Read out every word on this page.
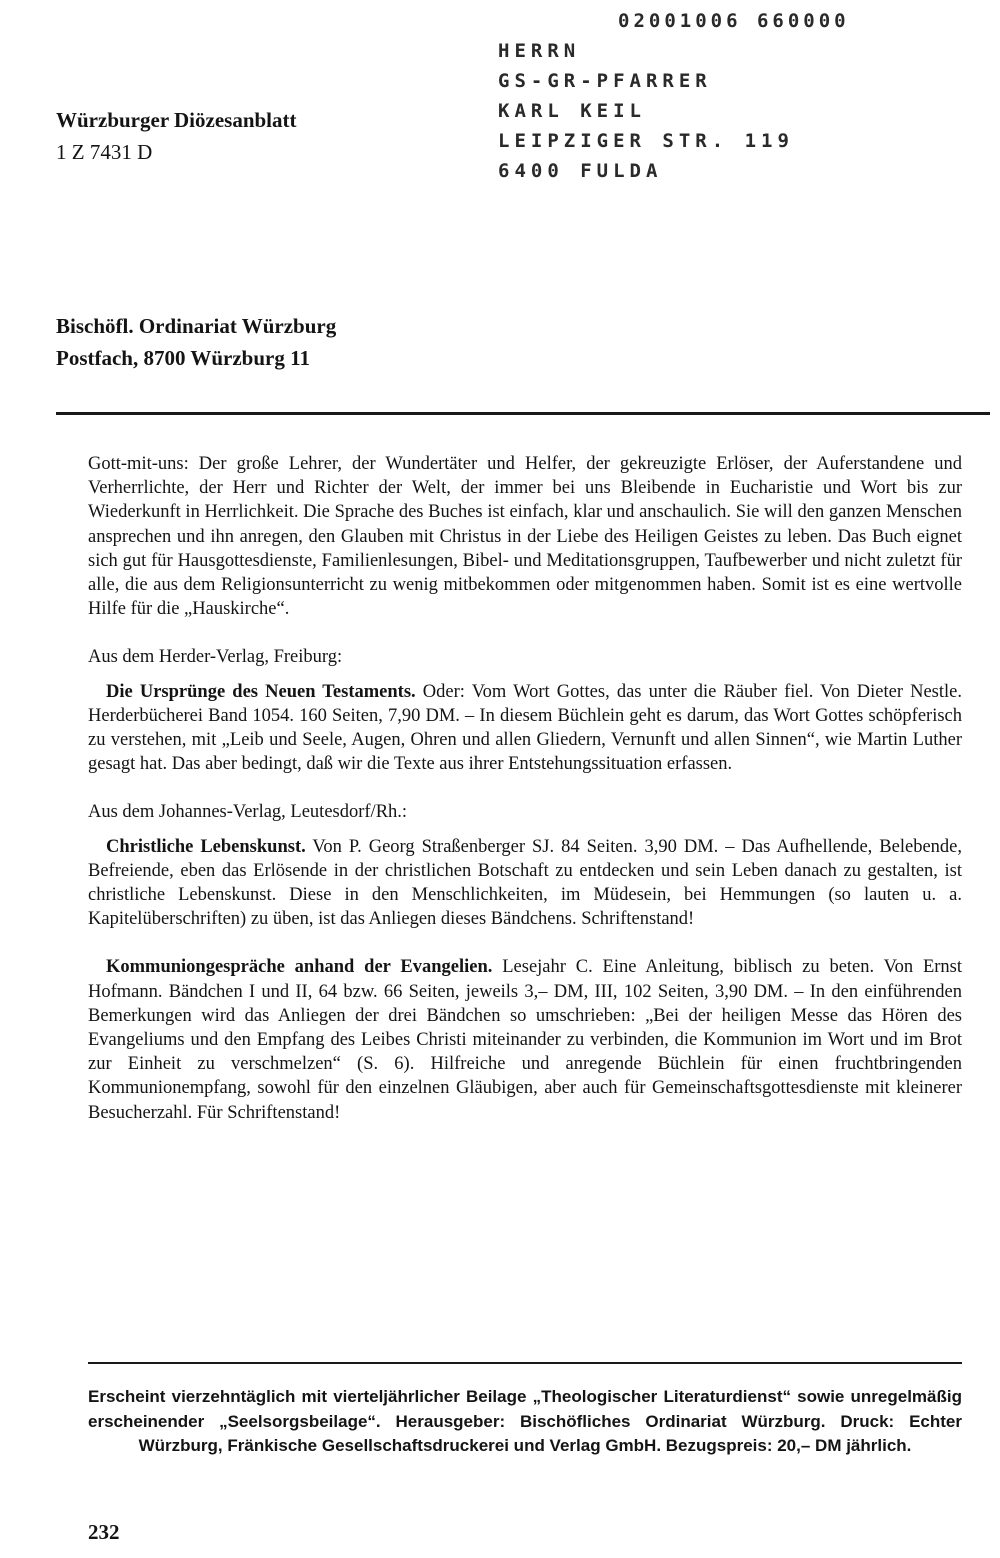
Würzburger Diözesanblatt
1 Z 7431 D
02001006 660000
HERRN
GS-GR-PFARRER
KARL KEIL
LEIPZIGER STR. 119
6400 FULDA
Bischöfl. Ordinariat Würzburg
Postfach, 8700 Würzburg 11

Gott-mit-uns: Der große Lehrer, der Wundertäter und Helfer, der gekreuzigte Erlöser, der Auferstandene und Verherrlichte, der Herr und Richter der Welt, der immer bei uns Bleibende in Eucharistie und Wort bis zur Wiederkunft in Herrlichkeit. Die Sprache des Buches ist einfach, klar und anschaulich. Sie will den ganzen Menschen ansprechen und ihn anregen, den Glauben mit Christus in der Liebe des Heiligen Geistes zu leben. Das Buch eignet sich gut für Hausgottesdienste, Familienlesungen, Bibel- und Meditationsgruppen, Taufbewerber und nicht zuletzt für alle, die aus dem Religionsunterricht zu wenig mitbekommen oder mitgenommen haben. Somit ist es eine wertvolle Hilfe für die „Hauskirche“.

Aus dem Herder-Verlag, Freiburg:

Die Ursprünge des Neuen Testaments. Oder: Vom Wort Gottes, das unter die Räuber fiel. Von Dieter Nestle. Herderbücherei Band 1054. 160 Seiten, 7,90 DM. – In diesem Büchlein geht es darum, das Wort Gottes schöpferisch zu verstehen, mit „Leib und Seele, Augen, Ohren und allen Gliedern, Vernunft und allen Sinnen“, wie Martin Luther gesagt hat. Das aber bedingt, daß wir die Texte aus ihrer Entstehungssituation erfassen.

Aus dem Johannes-Verlag, Leutesdorf/Rh.:

Christliche Lebenskunst. Von P. Georg Straßenberger SJ. 84 Seiten. 3,90 DM. – Das Aufhellende, Belebende, Befreiende, eben das Erlösende in der christlichen Botschaft zu entdecken und sein Leben danach zu gestalten, ist christliche Lebenskunst. Diese in den Menschlichkeiten, im Müdesein, bei Hemmungen (so lauten u. a. Kapitelüberschriften) zu üben, ist das Anliegen dieses Bändchens. Schriftenstand!

Kommuniongespräche anhand der Evangelien. Lesejahr C. Eine Anleitung, biblisch zu beten. Von Ernst Hofmann. Bändchen I und II, 64 bzw. 66 Seiten, jeweils 3,– DM, III, 102 Seiten, 3,90 DM. – In den einführenden Bemerkungen wird das Anliegen der drei Bändchen so umschrieben: „Bei der heiligen Messe das Hören des Evangeliums und den Empfang des Leibes Christi miteinander zu verbinden, die Kommunion im Wort und im Brot zur Einheit zu verschmelzen“ (S. 6). Hilfreiche und anregende Büchlein für einen fruchtbringenden Kommunionempfang, sowohl für den einzelnen Gläubigen, aber auch für Gemeinschaftsgottesdienste mit kleinerer Besucherzahl. Für Schriftenstand!

Erscheint vierzehntäglich mit vierteljährlicher Beilage „Theologischer Literaturdienst“ sowie unregelmäßig erscheinender „Seelsorgsbeilage“. Herausgeber: Bischöfliches Ordinariat Würzburg. Druck: Echter Würzburg, Fränkische Gesellschaftsdruckerei und Verlag GmbH. Bezugspreis: 20,– DM jährlich.
232
